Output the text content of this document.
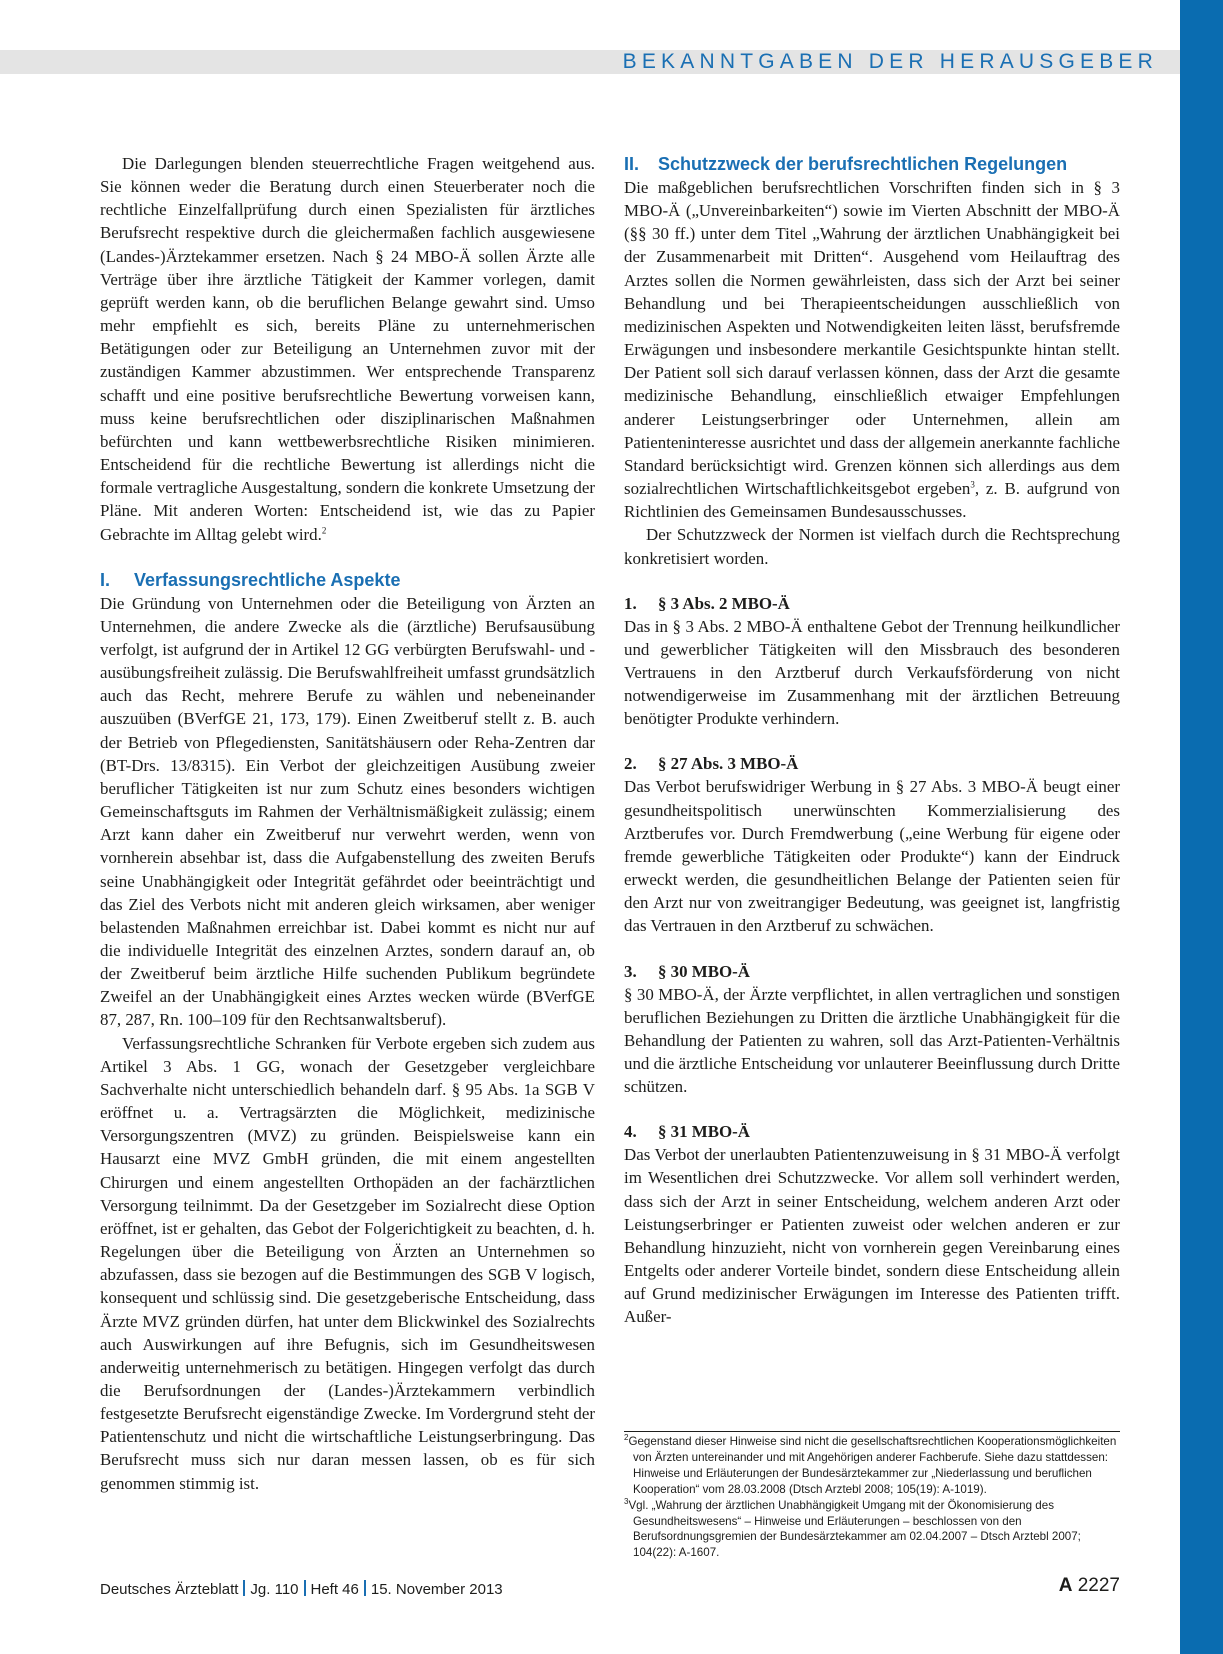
BEKANNTGABEN DER HERAUSGEBER

Die Darlegungen blenden steuerrechtliche Fragen weitgehend aus. Sie können weder die Beratung durch einen Steuerberater noch die rechtliche Einzelfallprüfung durch einen Spezialisten für ärztliches Berufsrecht respektive durch die gleichermaßen fachlich ausgewiesene (Landes-)Ärztekammer ersetzen. Nach § 24 MBO-Ä sollen Ärzte alle Verträge über ihre ärztliche Tätigkeit der Kammer vorlegen, damit geprüft werden kann, ob die beruflichen Belange gewahrt sind. Umso mehr empfiehlt es sich, bereits Pläne zu unternehmerischen Betätigungen oder zur Beteiligung an Unternehmen zuvor mit der zuständigen Kammer abzustimmen. Wer entsprechende Transparenz schafft und eine positive berufsrechtliche Bewertung vorweisen kann, muss keine berufsrechtlichen oder disziplinarischen Maßnahmen befürchten und kann wettbewerbsrechtliche Risiken minimieren. Entscheidend für die rechtliche Bewertung ist allerdings nicht die formale vertragliche Ausgestaltung, sondern die konkrete Umsetzung der Pläne. Mit anderen Worten: Entscheidend ist, wie das zu Papier Gebrachte im Alltag gelebt wird.$^2$

I. Verfassungsrechtliche Aspekte

Die Gründung von Unternehmen oder die Beteiligung von Ärzten an Unternehmen, die andere Zwecke als die (ärztliche) Berufsausübung verfolgt, ist aufgrund der in Artikel 12 GG verbürgten Berufswahl- und -ausübungsfreiheit zulässig. Die Berufswahlfreiheit umfasst grundsätzlich auch das Recht, mehrere Berufe zu wählen und nebeneinander auszuüben (BVerfGE 21, 173, 179). Einen Zweitberuf stellt z. B. auch der Betrieb von Pflegediensten, Sanitätshäusern oder Reha-Zentren dar (BT-Drs. 13/8315). Ein Verbot der gleichzeitigen Ausübung zweier beruflicher Tätigkeiten ist nur zum Schutz eines besonders wichtigen Gemeinschaftsguts im Rahmen der Verhältnismäßigkeit zulässig; einem Arzt kann daher ein Zweitberuf nur verwehrt werden, wenn von vornherein absehbar ist, dass die Aufgabenstellung des zweiten Berufs seine Unabhängigkeit oder Integrität gefährdet oder beeinträchtigt und das Ziel des Verbots nicht mit anderen gleich wirksamen, aber weniger belastenden Maßnahmen erreichbar ist. Dabei kommt es nicht nur auf die individuelle Integrität des einzelnen Arztes, sondern darauf an, ob der Zweitberuf beim ärztliche Hilfe suchenden Publikum begründete Zweifel an der Unabhängigkeit eines Arztes wecken würde (BVerfGE 87, 287, Rn. 100–109 für den Rechtsanwaltsberuf).

Verfassungsrechtliche Schranken für Verbote ergeben sich zudem aus Artikel 3 Abs. 1 GG, wonach der Gesetzgeber vergleichbare Sachverhalte nicht unterschiedlich behandeln darf. § 95 Abs. 1a SGB V eröffnet u. a. Vertragsärzten die Möglichkeit, medizinische Versorgungszentren (MVZ) zu gründen. Beispielsweise kann ein Hausarzt eine MVZ GmbH gründen, die mit einem angestellten Chirurgen und einem angestellten Orthopäden an der fachärztlichen Versorgung teilnimmt. Da der Gesetzgeber im Sozialrecht diese Option eröffnet, ist er gehalten, das Gebot der Folgerichtigkeit zu beachten, d. h. Regelungen über die Beteiligung von Ärzten an Unternehmen so abzufassen, dass sie bezogen auf die Bestimmungen des SGB V logisch, konsequent und schlüssig sind. Die gesetzgeberische Entscheidung, dass Ärzte MVZ gründen dürfen, hat unter dem Blickwinkel des Sozialrechts auch Auswirkungen auf ihre Befugnis, sich im Gesundheitswesen anderweitig unternehmerisch zu betätigen. Hingegen verfolgt das durch die Berufsordnungen der (Landes-)Ärztekammern verbindlich festgesetzte Berufsrecht eigenständige Zwecke. Im Vordergrund steht der Patientenschutz und nicht die wirtschaftliche Leistungserbringung. Das Berufsrecht muss sich nur daran messen lassen, ob es für sich genommen stimmig ist.

II. Schutzzweck der berufsrechtlichen Regelungen

Die maßgeblichen berufsrechtlichen Vorschriften finden sich in § 3 MBO-Ä („Unvereinbarkeiten“) sowie im Vierten Abschnitt der MBO-Ä (§§ 30 ff.) unter dem Titel „Wahrung der ärztlichen Unabhängigkeit bei der Zusammenarbeit mit Dritten“. Ausgehend vom Heilauftrag des Arztes sollen die Normen gewährleisten, dass sich der Arzt bei seiner Behandlung und bei Therapieentscheidungen ausschließlich von medizinischen Aspekten und Notwendigkeiten leiten lässt, berufsfremde Erwägungen und insbesondere merkantile Gesichtspunkte hintan stellt. Der Patient soll sich darauf verlassen können, dass der Arzt die gesamte medizinische Behandlung, einschließlich etwaiger Empfehlungen anderer Leistungserbringer oder Unternehmen, allein am Patienteninteresse ausrichtet und dass der allgemein anerkannte fachliche Standard berücksichtigt wird. Grenzen können sich allerdings aus dem sozialrechtlichen Wirtschaftlichkeitsgebot ergeben$^3$, z. B. aufgrund von Richtlinien des Gemeinsamen Bundesausschusses.

Der Schutzzweck der Normen ist vielfach durch die Rechtsprechung konkretisiert worden.

1. § 3 Abs. 2 MBO-Ä

Das in § 3 Abs. 2 MBO-Ä enthaltene Gebot der Trennung heilkundlicher und gewerblicher Tätigkeiten will den Missbrauch des besonderen Vertrauens in den Arztberuf durch Verkaufsförderung von nicht notwendigerweise im Zusammenhang mit der ärztlichen Betreuung benötigter Produkte verhindern.

2. § 27 Abs. 3 MBO-Ä

Das Verbot berufswidriger Werbung in § 27 Abs. 3 MBO-Ä beugt einer gesundheitspolitisch unerwünschten Kommerzialisierung des Arztberufes vor. Durch Fremdwerbung („eine Werbung für eigene oder fremde gewerbliche Tätigkeiten oder Produkte“) kann der Eindruck erweckt werden, die gesundheitlichen Belange der Patienten seien für den Arzt nur von zweitrangiger Bedeutung, was geeignet ist, langfristig das Vertrauen in den Arztberuf zu schwächen.

3. § 30 MBO-Ä

§ 30 MBO-Ä, der Ärzte verpflichtet, in allen vertraglichen und sonstigen beruflichen Beziehungen zu Dritten die ärztliche Unabhängigkeit für die Behandlung der Patienten zu wahren, soll das Arzt-Patienten-Verhältnis und die ärztliche Entscheidung vor unlauterer Beeinflussung durch Dritte schützen.

4. § 31 MBO-Ä

Das Verbot der unerlaubten Patientenzuweisung in § 31 MBO-Ä verfolgt im Wesentlichen drei Schutzzwecke. Vor allem soll verhindert werden, dass sich der Arzt in seiner Entscheidung, welchem anderen Arzt oder Leistungserbringer er Patienten zuweist oder welchen anderen er zur Behandlung hinzuzieht, nicht von vornherein gegen Vereinbarung eines Entgelts oder anderer Vorteile bindet, sondern diese Entscheidung allein auf Grund medizinischer Erwägungen im Interesse des Patienten trifft. Außer-

$^2$Gegenstand dieser Hinweise sind nicht die gesellschaftsrechtlichen Kooperationsmöglichkeiten von Ärzten untereinander und mit Angehörigen anderer Fachberufe. Siehe dazu stattdessen: Hinweise und Erläuterungen der Bundesärztekammer zur „Niederlassung und beruflichen Kooperation“ vom 28.03.2008 (Dtsch Arztebl 2008; 105(19): A-1019).

$^3$Vgl. „Wahrung der ärztlichen Unabhängigkeit Umgang mit der Ökonomisierung des Gesundheitswesens“ – Hinweise und Erläuterungen – beschlossen von den Berufsordnungsgremien der Bundesärztekammer am 02.04.2007 – Dtsch Arztebl 2007; 104(22): A-1607.

Deutsches Ärzteblatt Jg. 110 Heft 46 15. November 2013	A 2227
